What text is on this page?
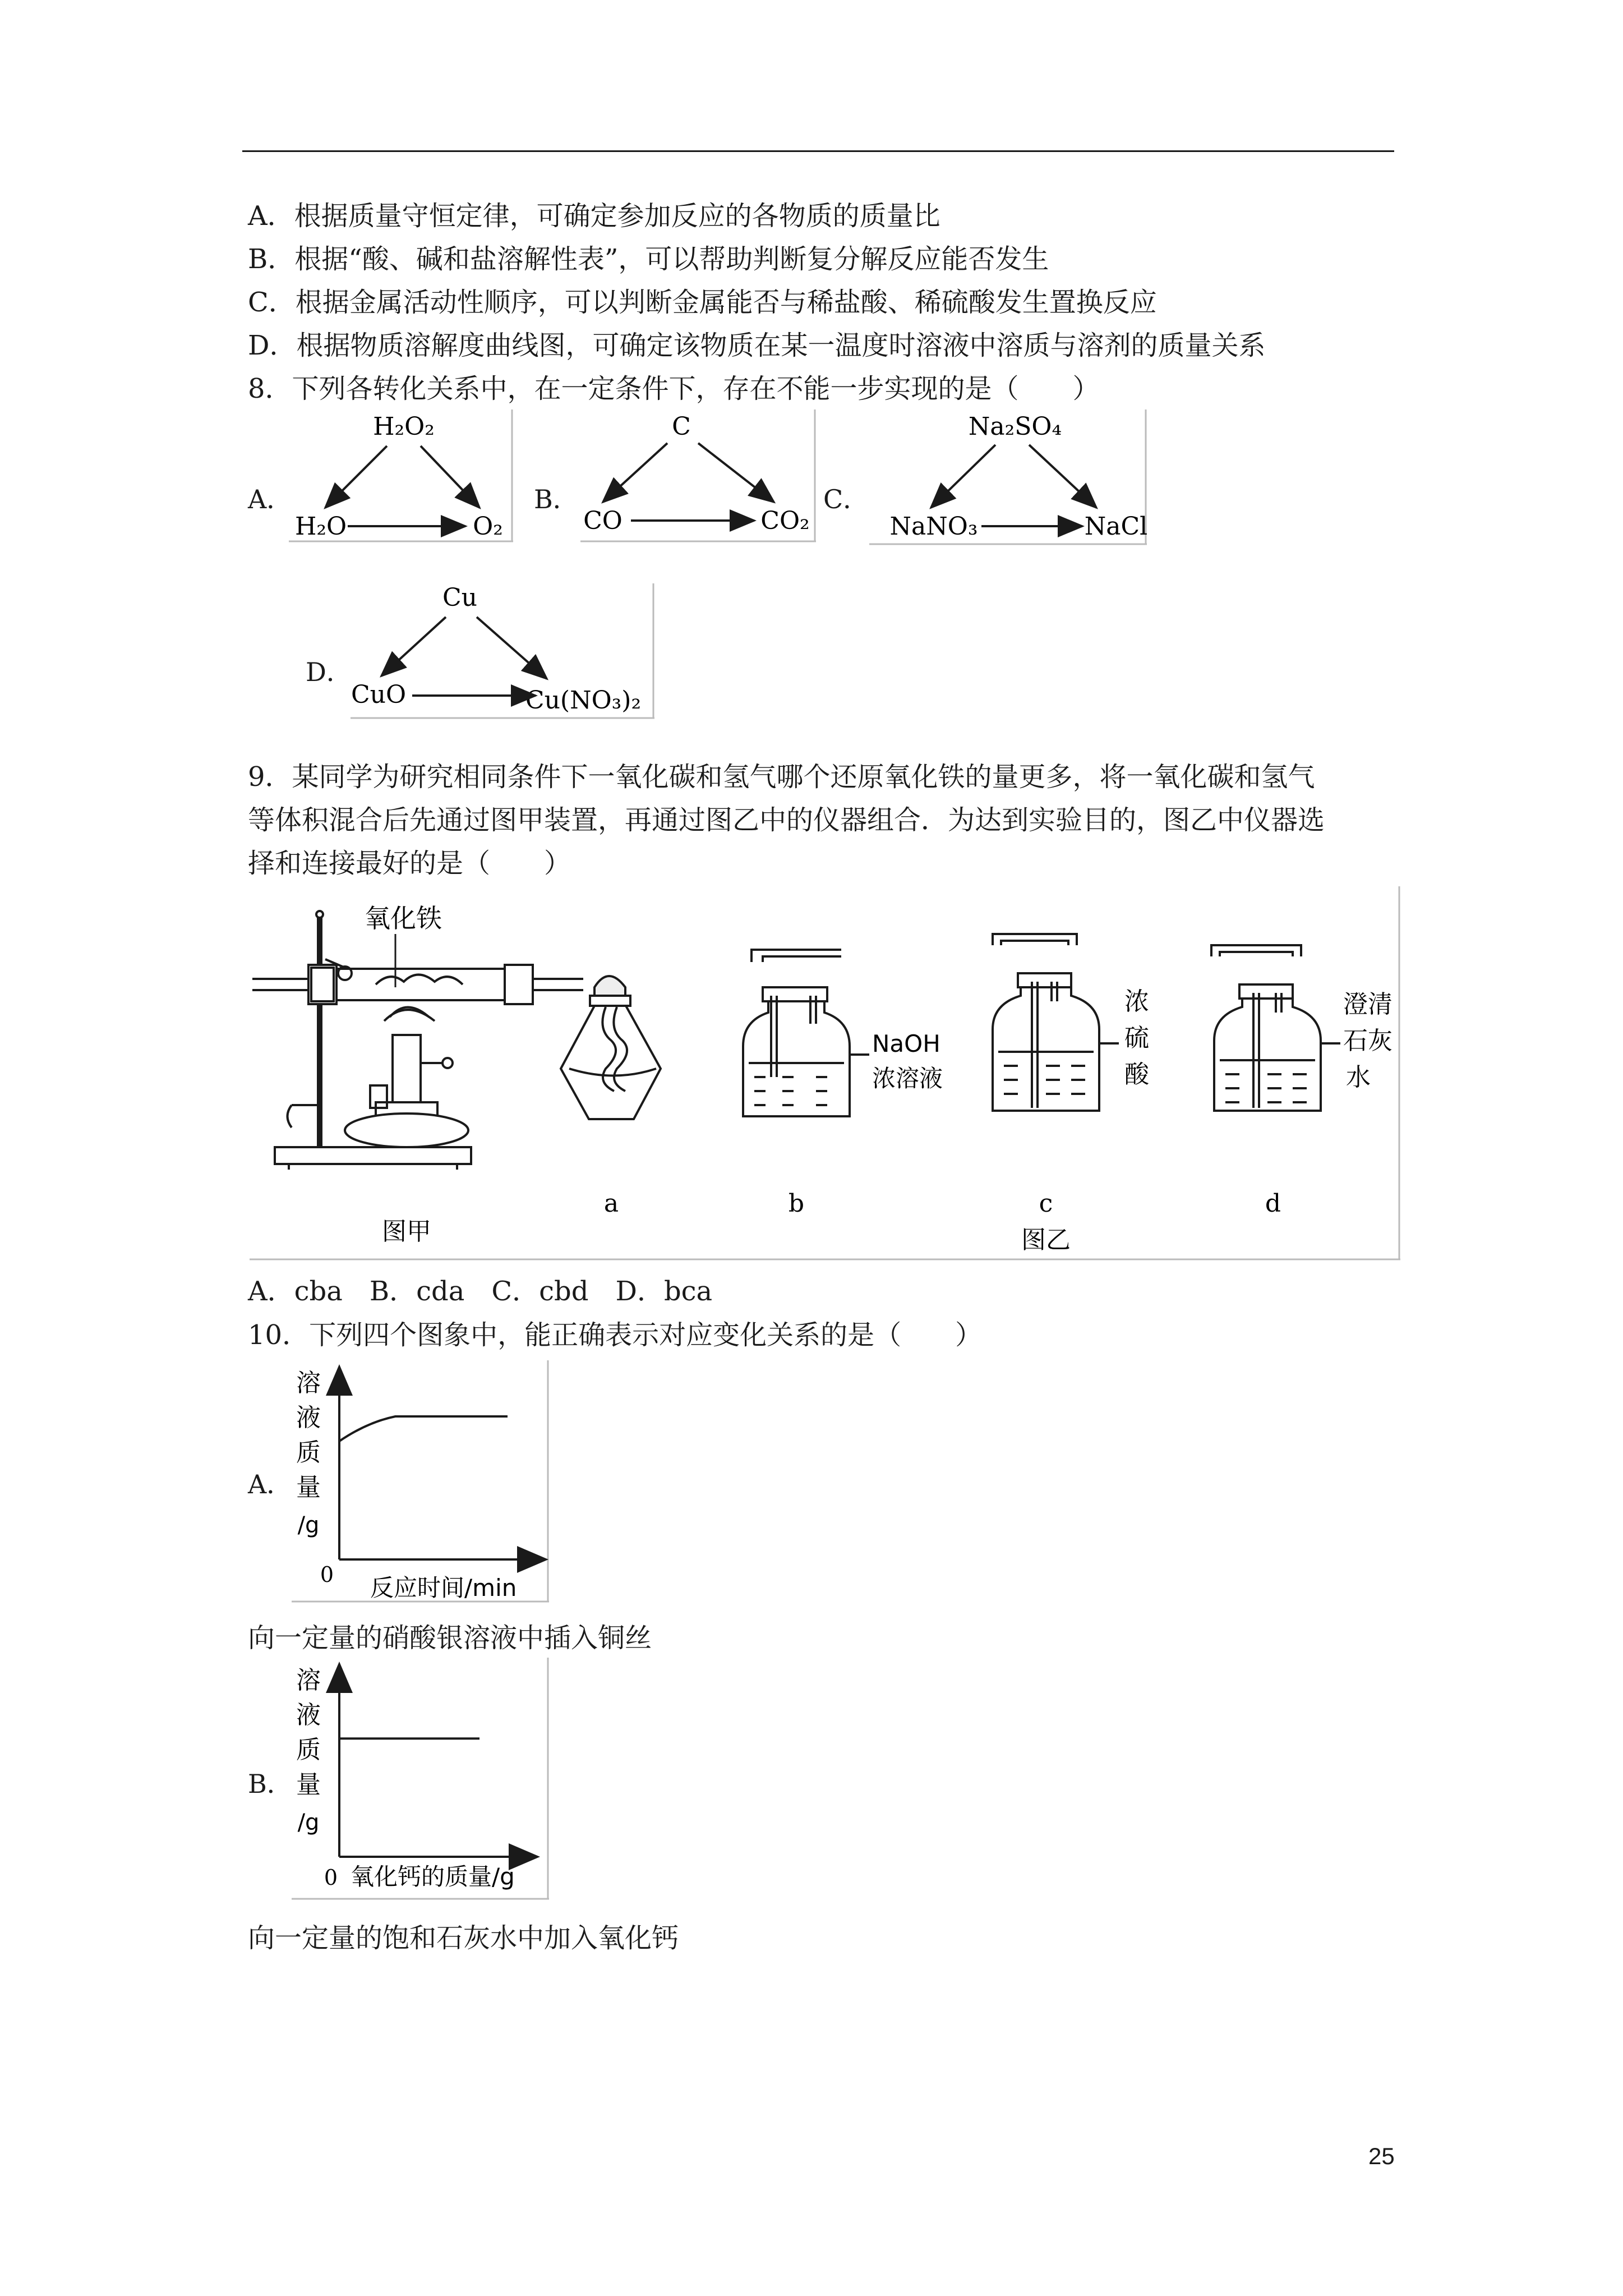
A．根据质量守恒定律，可确定参加反应的各物质的质量比
B．根据“酸、碱和盐溶解性表”，可以帮助判断复分解反应能否发生
C．根据金属活动性顺序，可以判断金属能否与稀盐酸、稀硫酸发生置换反应
D．根据物质溶解度曲线图，可确定该物质在某一温度时溶液中溶质与溶剂的质量关系
8．下列各转化关系中，在一定条件下，存在不能一步实现的是（　　）
A．	B．	C．
D．
H₂O₂
H₂O	O₂
C
CO	CO₂
Na₂SO₄
NaNO₃	NaCl
Cu
CuO	Cu(NO₃)₂
9．某同学为研究相同条件下一氧化碳和氢气哪个还原氧化铁的量更多，将一氧化碳和氢气
等体积混合后先通过图甲装置，再通过图乙中的仪器组合．为达到实验目的，图乙中仪器选
择和连接最好的是（　　）
氧化铁
图甲
a
NaOH
浓溶液
b
浓
硫
酸
c
澄清
石灰
水
d
图乙
A．cba　B．cda　C．cbd　D．bca
10．下列四个图象中，能正确表示对应变化关系的是（　　）
A．
溶
液
质
量
/g
0 反应时间/min
向一定量的硝酸银溶液中插入铜丝
B．
溶
液
质
量
/g
0 氧化钙的质量/g
向一定量的饱和石灰水中加入氧化钙
25
